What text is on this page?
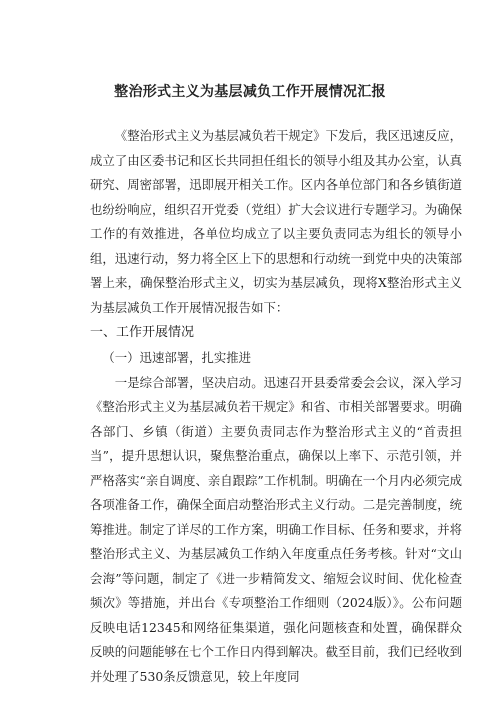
整治形式主义为基层减负工作开展情况汇报

《整治形式主义为基层减负若干规定》下发后，我区迅速反应，成立了由区委书记和区长共同担任组长的领导小组及其办公室，认真研究、周密部署，迅即展开相关工作。区内各单位部门和各乡镇街道也纷纷响应，组织召开党委（党组）扩大会议进行专题学习。为确保工作的有效推进，各单位均成立了以主要负责同志为组长的领导小组，迅速行动，努力将全区上下的思想和行动统一到党中央的决策部署上来，确保整治形式主义，切实为基层减负，现将X整治形式主义为基层减负工作开展情况报告如下：

一、工作开展情况

（一）迅速部署，扎实推进

一是综合部署，坚决启动。迅速召开县委常委会会议，深入学习《整治形式主义为基层减负若干规定》和省、市相关部署要求。明确各部门、乡镇（街道）主要负责同志作为整治形式主义的“首责担当”，提升思想认识，聚焦整治重点，确保以上率下、示范引领，并严格落实“亲自调度、亲自跟踪”工作机制。明确在一个月内必须完成各项准备工作，确保全面启动整治形式主义行动。二是完善制度，统筹推进。制定了详尽的工作方案，明确工作目标、任务和要求，并将整治形式主义、为基层减负工作纳入年度重点任务考核。针对“文山会海”等问题，制定了《进一步精简发文、缩短会议时间、优化检查频次》等措施，并出台《专项整治工作细则（2024版）》。公布问题反映电话12345和网络征集渠道，强化问题核查和处置，确保群众反映的问题能够在七个工作日内得到解决。截至目前，我们已经收到并处理了530条反馈意见，较上年度同
